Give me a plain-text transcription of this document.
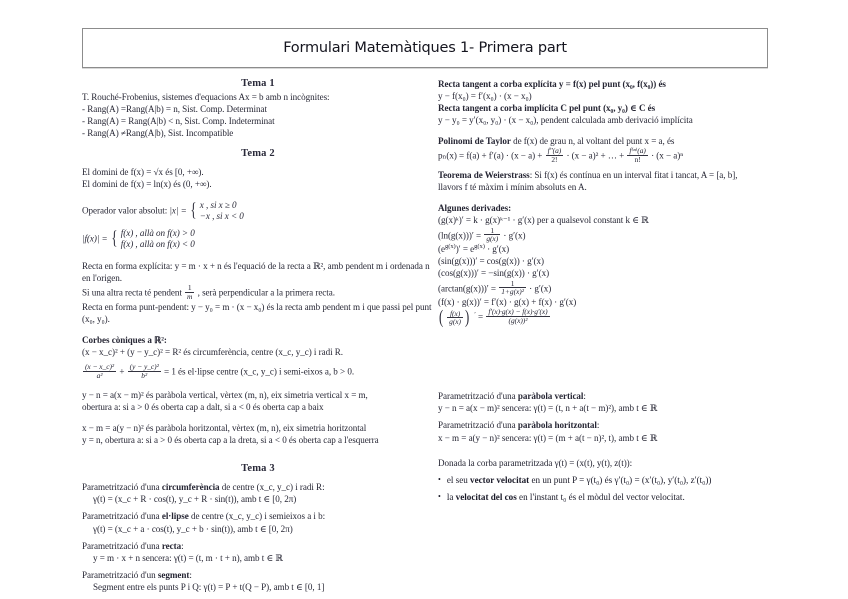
Formulari Matemàtiques 1- Primera part
Tema 1
T. Rouché-Frobenius, sistemes d'equacions Ax = b amb n incògnites:
- Rang(A) =Rang(A|b) = n, Sist. Comp. Determinat
- Rang(A) = Rang(A|b) < n, Sist. Comp. Indeterminat
- Rang(A) ≠Rang(A|b), Sist. Incompatible
Tema 2
El domini de f(x) = √x és [0, +∞).
El domini de f(x) = ln(x) és (0, +∞).
Operador valor absolut: |x| = { x , si x ≥ 0
−x , si x < 0
|f(x)| = { f(x) , allà on f(x) > 0
f(x) , allà on f(x) < 0
Recta en forma explícita: y = m · x + n és l'equació de la recta a ℝ², amb pendent m i ordenada n en l'origen.
Si una altra recta té pendent $\frac{1}{m}$ , serà perpendicular a la primera recta.
Recta en forma punt-pendent: y − y₀ = m · (x − x₀) és la recta amb pendent m i que passi pel punt (x₀, y₀).
Corbes còniques a ℝ²:
(x − x_c)² + (y − y_c)² = R² és circumferència, centre (x_c, y_c) i radi R.
$\frac{\text{(x − x\_c)²}}{\text{a²}} + \frac{\text{(y − y\_c)²}}{\text{b²}} = 1$ és el·lipse centre (x_c, y_c) i semi-eixos a, b > 0.
y − n = a(x − m)² és paràbola vertical, vèrtex (m, n), eix simetria vertical x = m,
obertura a: si a > 0 és oberta cap a dalt, si a < 0 és oberta cap a baix
x − m = a(y − n)² és paràbola horitzontal, vèrtex (m, n), eix simetria horitzontal
y = n, obertura a: si a > 0 és oberta cap a la dreta, si a < 0 és oberta cap a l'esquerra
Tema 3
Parametrització d'una circumferència de centre (x_c, y_c) i radi R:
γ(t) = (x_c + R · cos(t), y_c + R · sin(t)), amb t ∈ [0, 2π)
Parametrització d'una el·lipse de centre (x_c, y_c) i semieixos a i b:
γ(t) = (x_c + a · cos(t), y_c + b · sin(t)), amb t ∈ [0, 2π)
Parametrització d'una recta:
y = m · x + n sencera: γ(t) = (t, m · t + n), amb t ∈ ℝ
Parametrització d'un segment:
Segment entre els punts P i Q: γ(t) = P + t(Q − P), amb t ∈ [0, 1]
Recta tangent a corba explícita y = f(x) pel punt (x₀, f(x₀)) és
y − f(x₀) = f′(x₀) · (x − x₀)
Recta tangent a corba implícita C pel punt (x₀, y₀) ∈ C és
y − y₀ = y′(x₀, y₀) · (x − x₀), pendent calculada amb derivació implícita
Polinomi de Taylor de f(x) de grau n, al voltant del punt x = a, és
$p_n(x) = f(a) + f'(a) \cdot (x - a) + \frac{f''(a)}{2!} \cdot (x - a)^2$ + … + $\frac{\text{f⁽ⁿ⁾(a)}}{n!} \cdot (x - a)^n$
Teorema de Weierstrass: Si f(x) és contínua en un interval fitat i tancat, A = [a, b],
llavors f té màxim i mínim absoluts en A.
Algunes derivades:
(g(x)ᵏ)′ = k · g(x)ᵏ⁻¹ · g′(x) per a qualsevol constant k ∈ ℝ
$(\ln(g(x)))' = \frac{1}{g(x)} \cdot g'(x)$
$(e^{g(x)})' = e^{g(x)} \cdot g'(x)$
(sin(g(x)))′ = cos(g(x)) · g′(x)
(cos(g(x)))′ = −sin(g(x)) · g′(x)
$(\arctan(g(x)))' = \frac{1}{\text{1+g(x)²}} \cdot g'(x)$
(f(x) · g(x))′ = f′(x) · g(x) + f(x) · g′(x)
( $\frac{f(x)}{g(x)}$ ) $' = \frac{f'(x)\cdot g(x) - f(x)\cdot g'(x)}{\text{(g(x))²}}$
Parametrització d'una paràbola vertical:
y − n = a(x − m)² sencera: γ(t) = (t, n + a(t − m)²), amb t ∈ ℝ
Parametrització d'una paràbola horitzontal:
x − m = a(y − n)² sencera: γ(t) = (m + a(t − n)², t), amb t ∈ ℝ
Donada la corba parametritzada γ(t) = (x(t), y(t), z(t)):
• el seu vector velocitat en un punt P = γ(t₀) és γ′(t₀) = (x′(t₀), y′(t₀), z′(t₀))
• la velocitat del cos en l'instant t₀ és el mòdul del vector velocitat.
